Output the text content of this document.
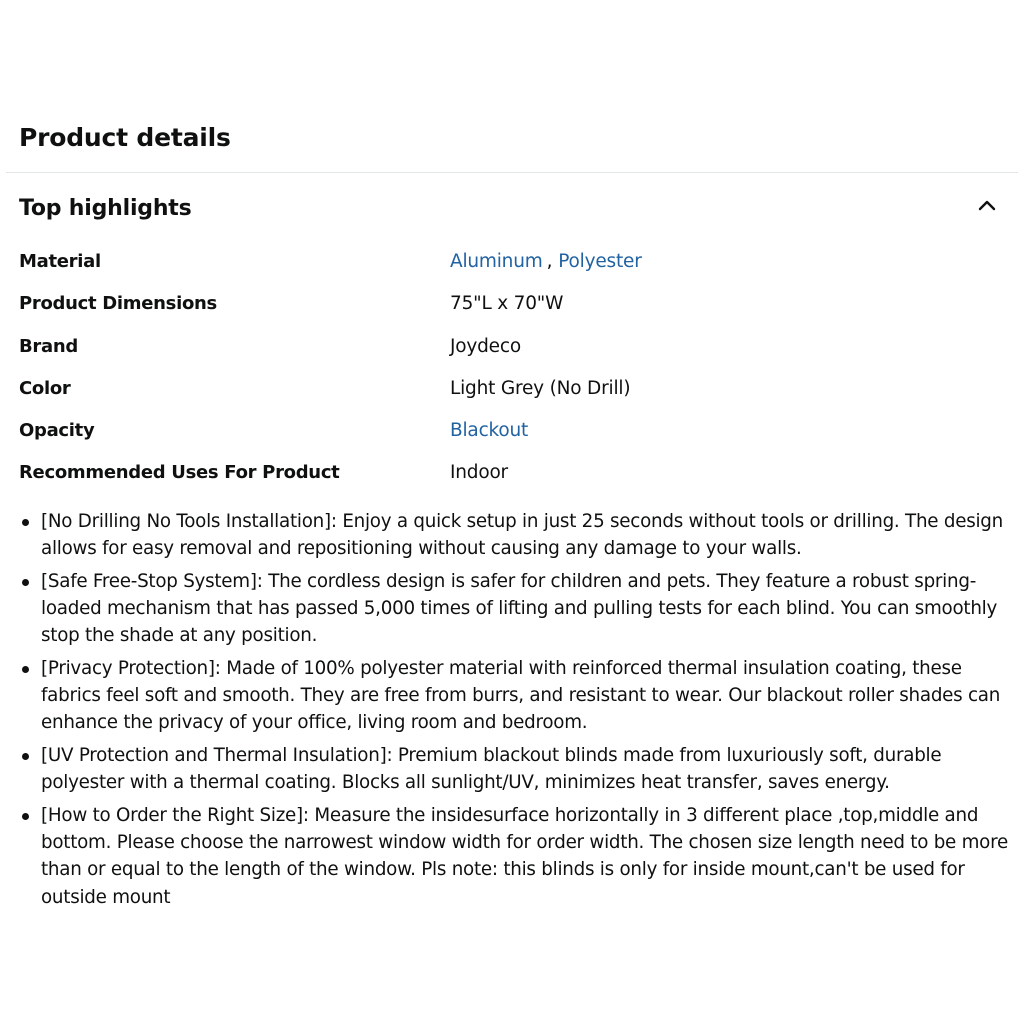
Product details
Top highlights
Material	Aluminum , Polyester
Product Dimensions	75"L x 70"W
Brand	Joydeco
Color	Light Grey (No Drill)
Opacity	Blackout
Recommended Uses For Product	Indoor
[No Drilling No Tools Installation]: Enjoy a quick setup in just 25 seconds without tools or drilling. The design allows for easy removal and repositioning without causing any damage to your walls.
[Safe Free-Stop System]: The cordless design is safer for children and pets. They feature a robust spring-loaded mechanism that has passed 5,000 times of lifting and pulling tests for each blind. You can smoothly stop the shade at any position.
[Privacy Protection]: Made of 100% polyester material with reinforced thermal insulation coating, these fabrics feel soft and smooth. They are free from burrs, and resistant to wear. Our blackout roller shades can enhance the privacy of your office, living room and bedroom.
[UV Protection and Thermal Insulation]: Premium blackout blinds made from luxuriously soft, durable polyester with a thermal coating. Blocks all sunlight/UV, minimizes heat transfer, saves energy.
[How to Order the Right Size]: Measure the insidesurface horizontally in 3 different place ,top,middle and bottom. Please choose the narrowest window width for order width. The chosen size length need to be more than or equal to the length of the window. Pls note: this blinds is only for inside mount,can't be used for outside mount
